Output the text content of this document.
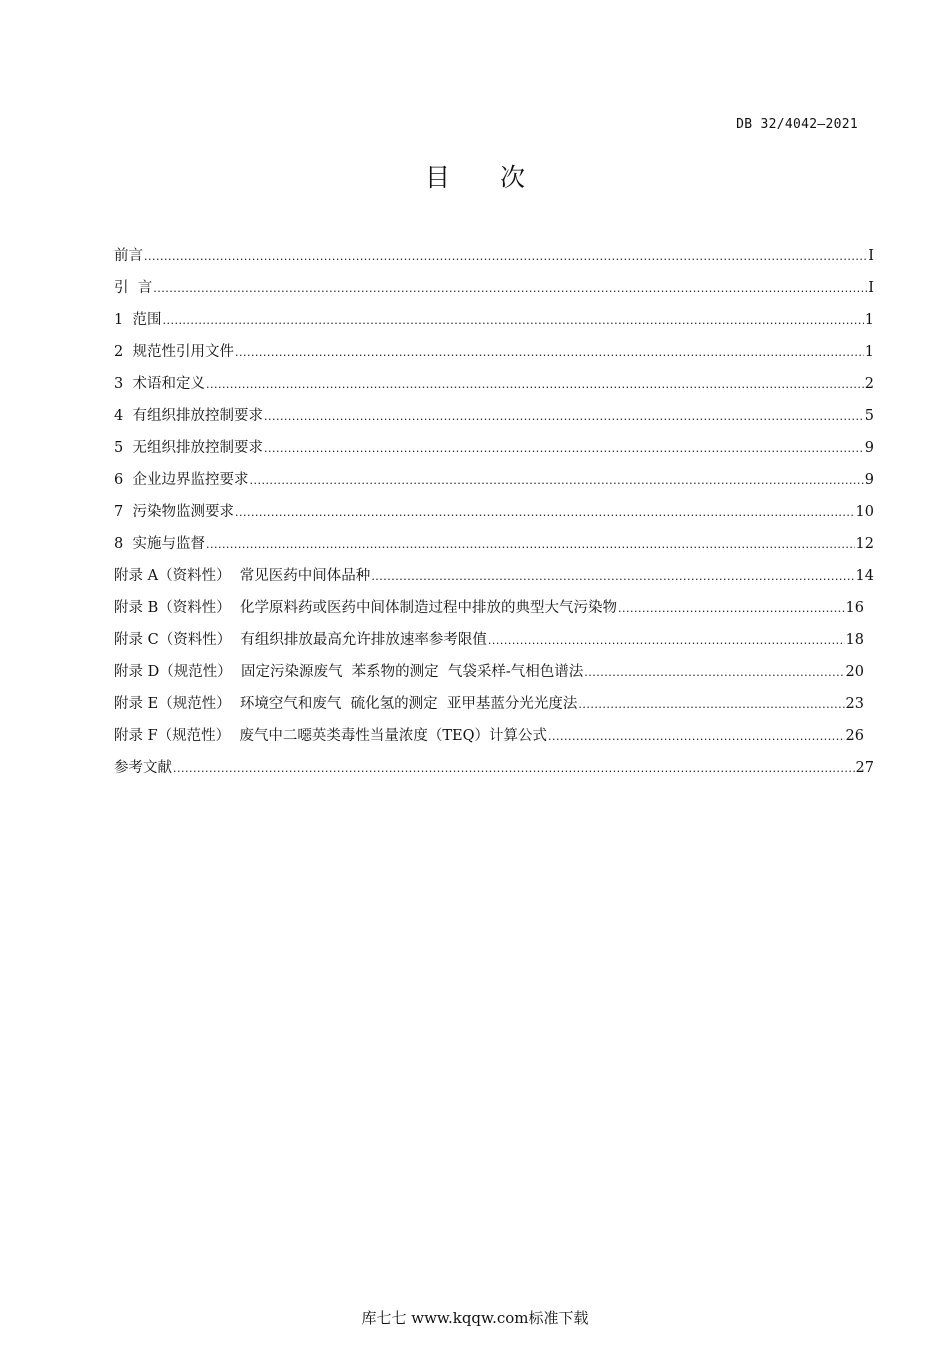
DB 32/4042—2021
目　　次
前言 .....	I
引  言 .....	I
1  范围 .....	1
2  规范性引用文件 .....	1
3  术语和定义 .....	2
4  有组织排放控制要求 .....	5
5  无组织排放控制要求 .....	9
6  企业边界监控要求 .....	9
7  污染物监测要求 .....	10
8  实施与监督 .....	12
附录 A（资料性）  常见医药中间体品种 .....	14
附录 B（资料性）  化学原料药或医药中间体制造过程中排放的典型大气污染物 .....	16
附录 C（资料性）  有组织排放最高允许排放速率参考限值 .....	18
附录 D（规范性）  固定污染源废气  苯系物的测定  气袋采样-气相色谱法 .....	20
附录 E（规范性）  环境空气和废气  硫化氢的测定  亚甲基蓝分光光度法 .....	23
附录 F（规范性）  废气中二噁英类毒性当量浓度（TEQ）计算公式 .....	26
参考文献 .....	27
库七七 www.kqqw.com标准下载
